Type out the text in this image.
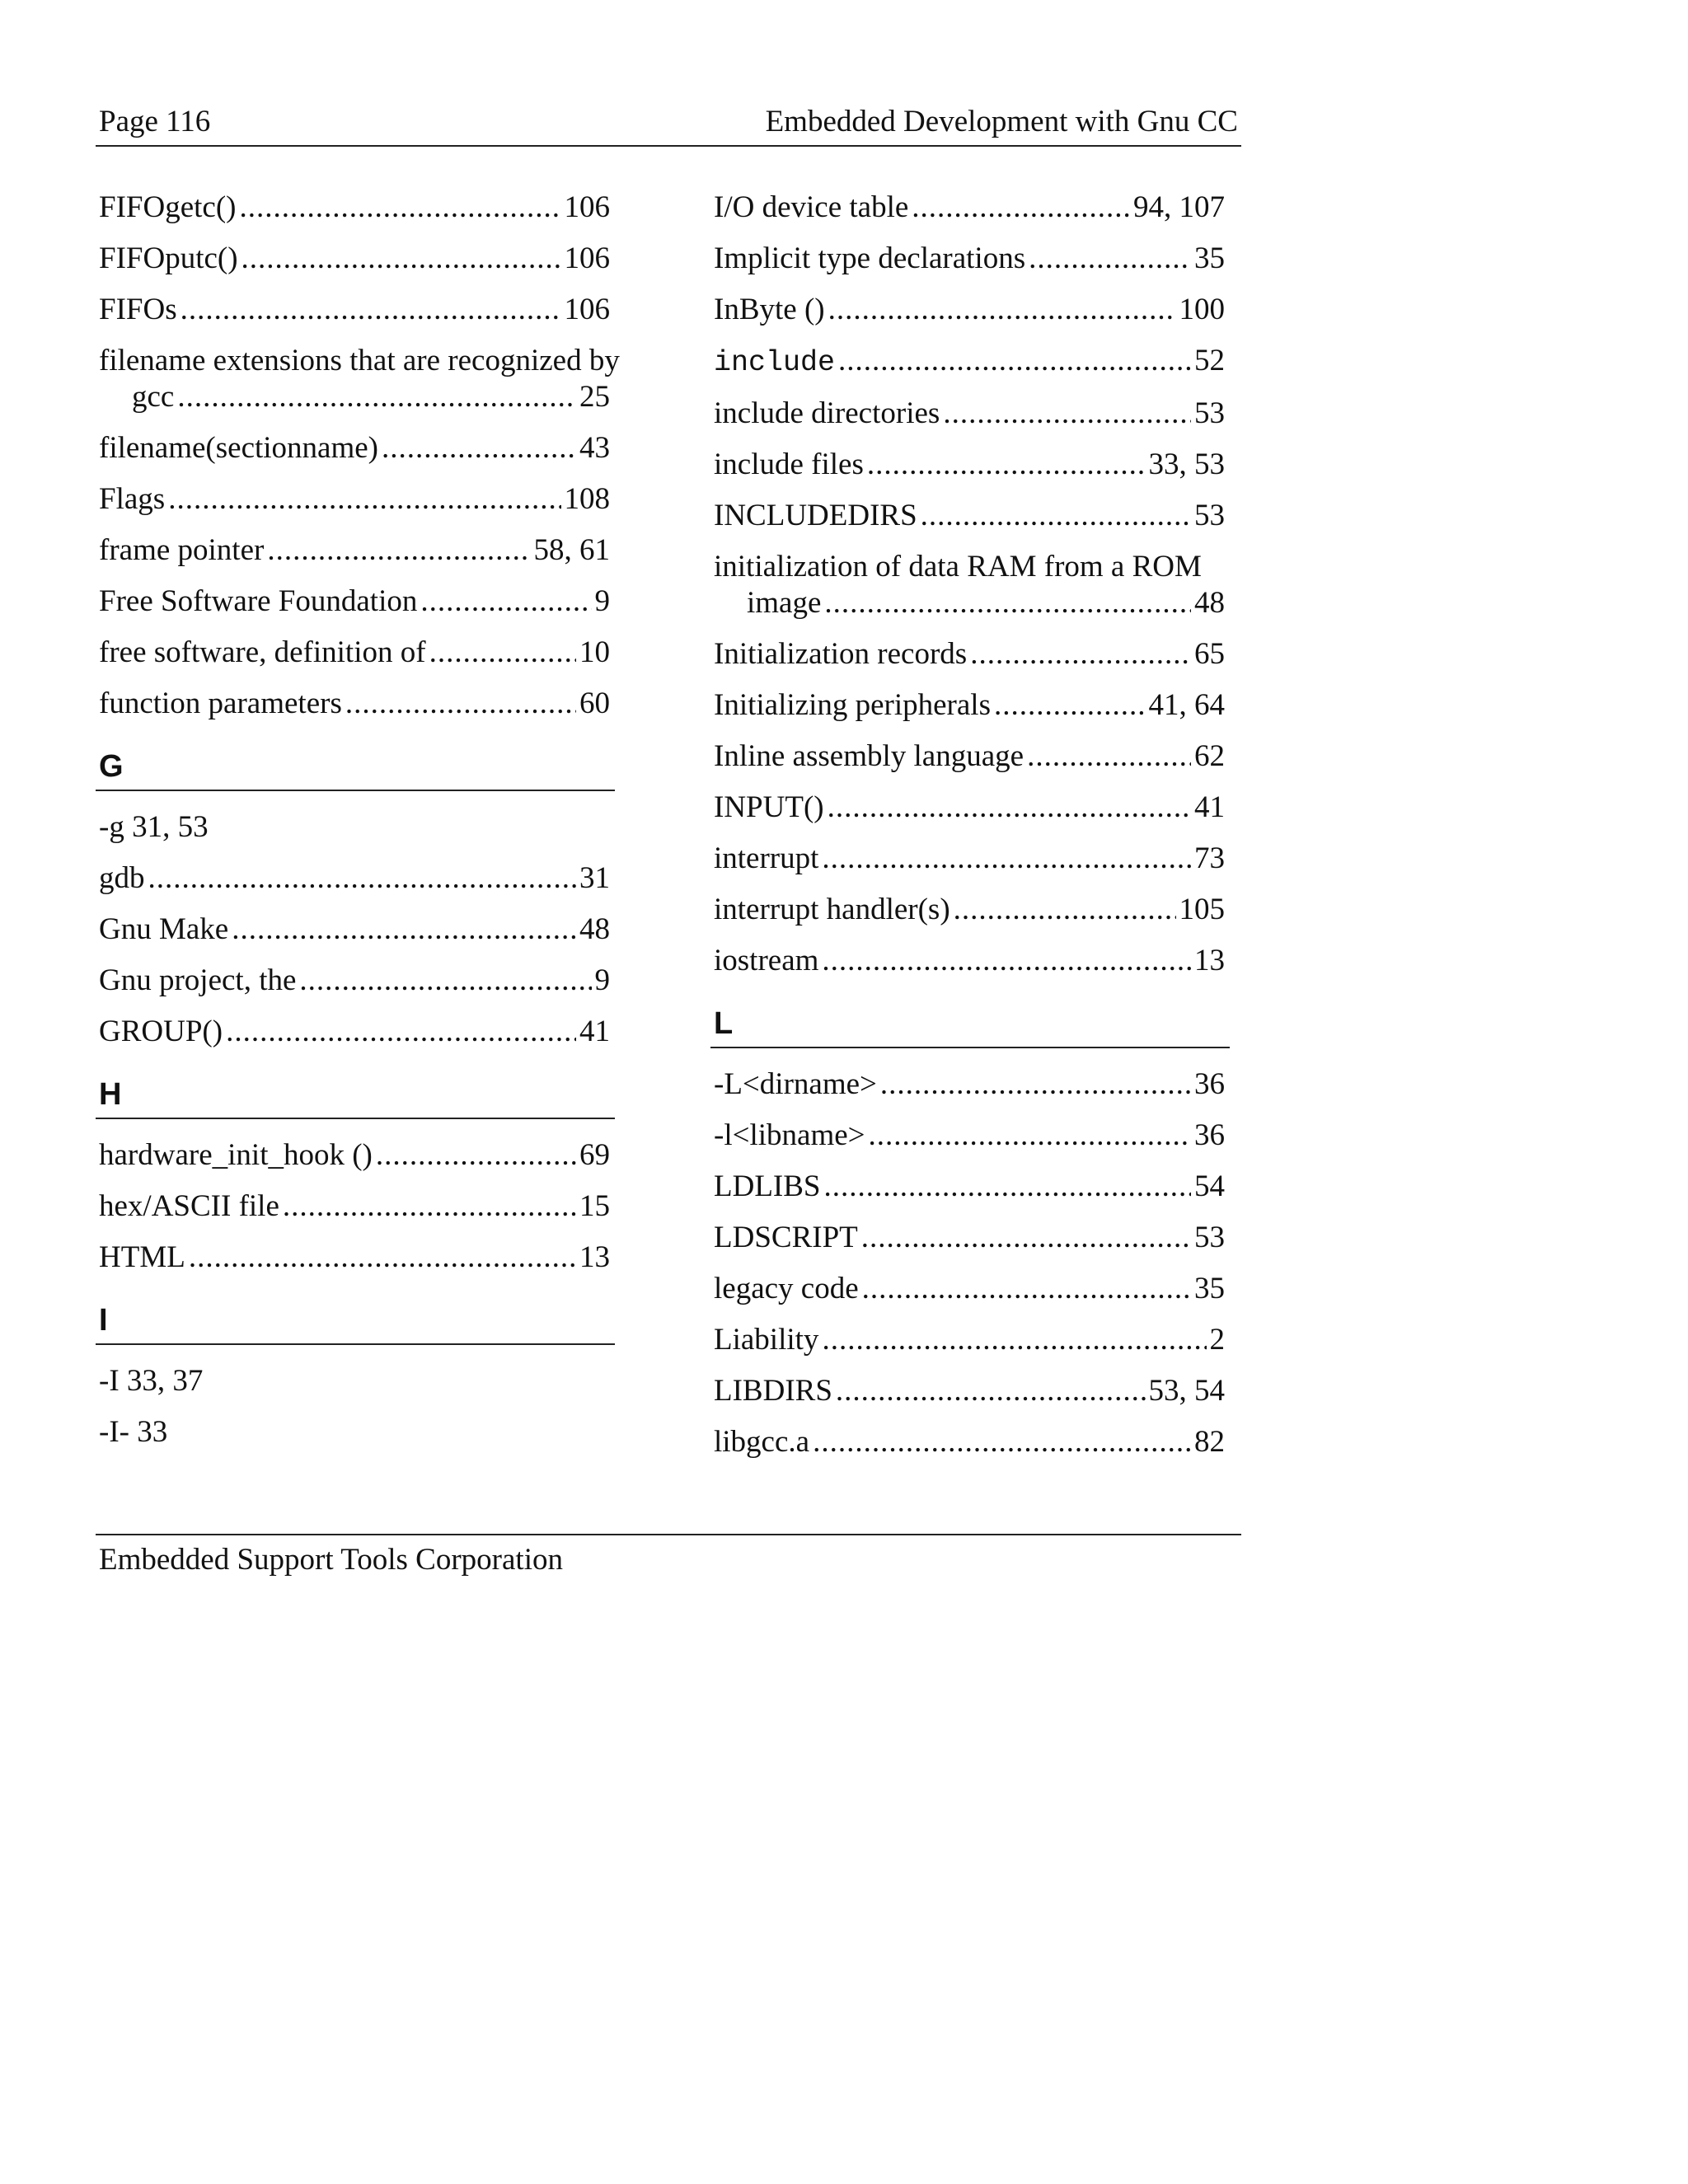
Page 116	Embedded Development with Gnu CC
FIFOgetc() .....	106
FIFOputc() .....	106
FIFOs .....	106
filename extensions that are recognized by
gcc .....	25
filename(sectionname) .....	43
Flags .....	108
frame pointer .....	58, 61
Free Software Foundation .....	9
free software, definition of .....	10
function parameters .....	60
G
-g 31, 53
gdb .....	31
Gnu Make .....	48
Gnu project, the .....	9
GROUP() .....	41
H
hardware_init_hook () .....	69
hex/ASCII file .....	15
HTML .....	13
I
-I 33, 37
-I- 33
I/O device table .....	94, 107
Implicit type declarations .....	35
InByte () .....	100
include .....	52
include directories .....	53
include files .....	33, 53
INCLUDEDIRS .....	53
initialization of data RAM from a ROM
image .....	48
Initialization records .....	65
Initializing peripherals .....	41, 64
Inline assembly language .....	62
INPUT() .....	41
interrupt .....	73
interrupt handler(s) .....	105
iostream .....	13
L
-L<dirname> .....	36
-l<libname> .....	36
LDLIBS .....	54
LDSCRIPT .....	53
legacy code .....	35
Liability .....	2
LIBDIRS .....	53, 54
libgcc.a .....	82
Embedded Support Tools Corporation
